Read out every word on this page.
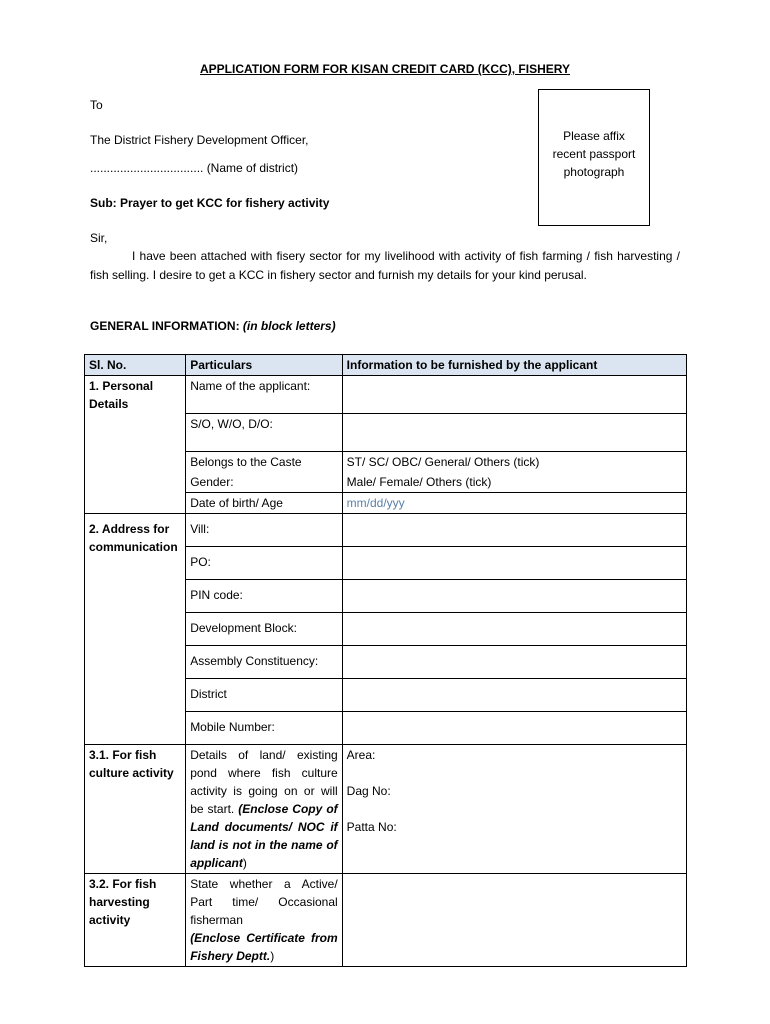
APPLICATION FORM FOR KISAN CREDIT CARD (KCC), FISHERY
To
The District Fishery Development Officer,
.................................. (Name of district)
Sub: Prayer to get KCC for fishery activity
Please affix
recent passport
photograph
Sir,
I have been attached with fisery sector for my livelihood with activity of fish farming / fish harvesting / fish selling. I desire to get a KCC in fishery sector and furnish my details for your kind perusal.
GENERAL INFORMATION: (in block letters)
Sl. No.	Particulars	Information to be furnished by the applicant
1. Personal Details	Name of the applicant:	
	S/O, W/O, D/O:	
	Belongs to the Caste	ST/ SC/ OBC/ General/ Others (tick)
	Gender:	Male/ Female/ Others (tick)
	Date of birth/ Age	mm/dd/yyy
2. Address for communication	Vill:	
	PO:	
	PIN code:	
	Development Block:	
	Assembly Constituency:	
	District	
	Mobile Number:	
3.1. For fish culture activity	Details of land/ existing pond where fish culture activity is going on or will be start. (Enclose Copy of Land documents/ NOC if land is not in the name of applicant)	Area:
Dag No:
Patta No:

3.2. For fish harvesting activity	State whether a Active/ Part time/ Occasional fisherman
(Enclose Certificate from Fishery Deptt.)	
